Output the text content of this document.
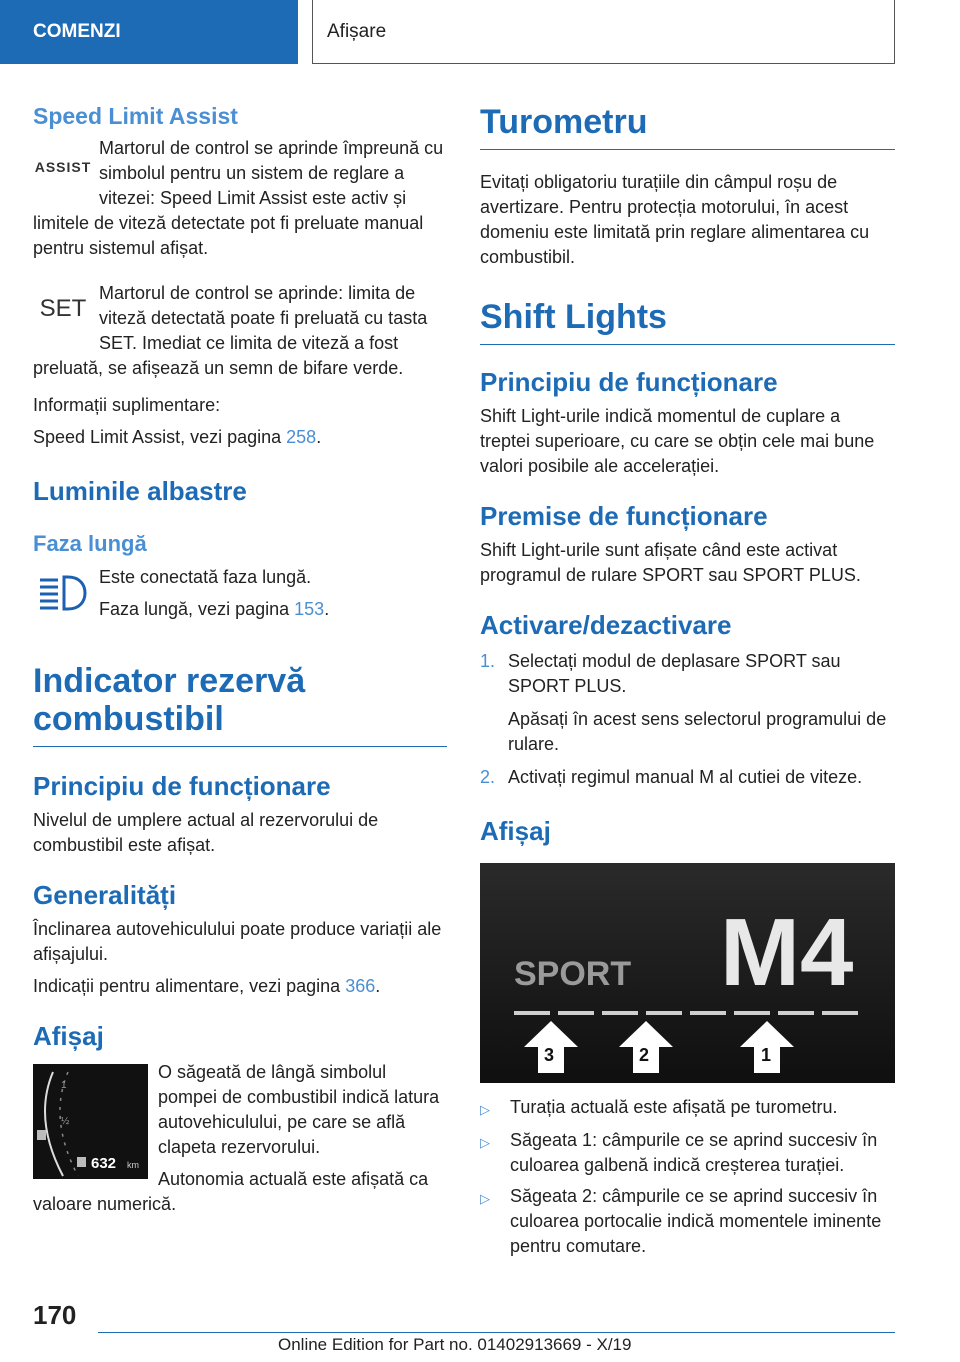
COMENZI	Afișare
Speed Limit Assist
ASSIST

Martorul de control se aprinde împreună cu simbolul pentru un sistem de reglare a vitezei: Speed Limit Assist este activ și limitele de viteză detectate pot fi preluate manual pentru sistemul afișat.

SET

Martorul de control se aprinde: limita de viteză detectată poate fi preluată cu tasta SET. Imediat ce limita de viteză a fost preluată, se afișează un semn de bifare verde.

Informații suplimentare:

Speed Limit Assist, vezi pagina 258.

Luminile albastre
Faza lungă

Este conectată faza lungă.

Faza lungă, vezi pagina 153.

Indicator rezervă combustibil
Principiu de funcționare

Nivelul de umplere actual al rezervorului de combustibil este afișat.

Generalități

Înclinarea autovehiculului poate produce variații ale afișajului.

Indicații pentru alimentare, vezi pagina 366.

Afișaj
1
½
632 km

O săgeată de lângă simbolul pompei de combustibil indică latura autovehiculului, pe care se află clapeta rezervorului.

Autonomia actuală este afișată ca valoare numerică.

Turometru

Evitați obligatoriu turațiile din câmpul roșu de avertizare. Pentru protecția motorului, în acest domeniu este limitată prin reglare alimentarea cu combustibil.

Shift Lights
Principiu de funcționare

Shift Light-urile indică momentul de cuplare a treptei superioare, cu care se obțin cele mai bune valori posibile ale accelerației.

Premise de funcționare

Shift Light-urile sunt afișate când este activat programul de rulare SPORT sau SPORT PLUS.

Activare/dezactivare
1. Selectați modul de deplasare SPORT sau SPORT PLUS.
Apăsați în acest sens selectorul programului de rulare.
2. Activați regimul manual M al cutiei de viteze.
Afișaj
SPORT M4
3	2	1
▷	Turația actuală este afișată pe turometru.
▷	Săgeata 1: câmpurile ce se aprind succesiv în culoarea galbenă indică creșterea turației.
▷	Săgeata 2: câmpurile ce se aprind succesiv în culoarea portocalie indică momentele iminente pentru comutare.
170
Online Edition for Part no. 01402913669 - X/19
